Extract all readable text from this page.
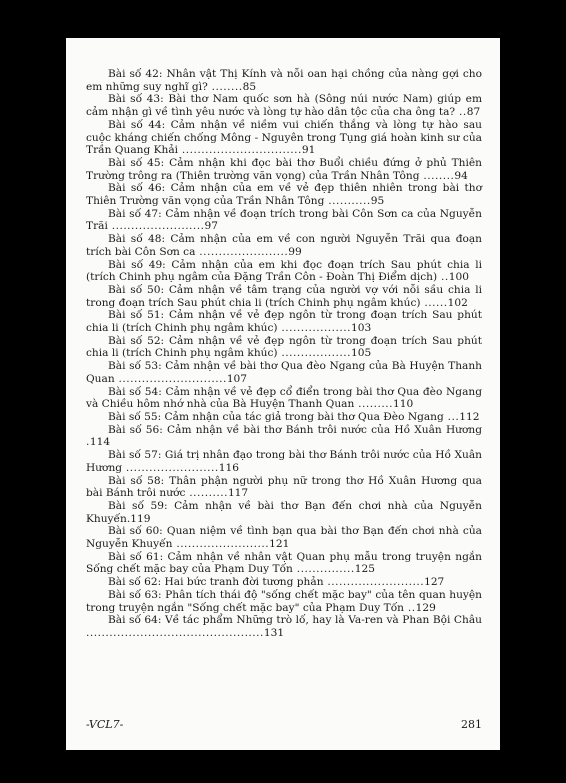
Bài số 42: Nhân vật Thị Kính và nỗi oan hại chồng của nàng gợi cho em những suy nghĩ gì? ........85
Bài số 43: Bài thơ Nam quốc sơn hà (Sông núi nước Nam) giúp em cảm nhận gì về tình yêu nước và lòng tự hào dân tộc của cha ông ta? ..87
Bài số 44: Cảm nhận về niềm vui chiến thắng và lòng tự hào sau cuộc kháng chiến chống Mông - Nguyên trong Tụng giá hoàn kinh sư của Trần Quang Khải ...............................91
Bài số 45: Cảm nhận khi đọc bài thơ Buổi chiều đứng ở phủ Thiên Trường trông ra (Thiên trường văn vọng) của Trần Nhân Tông ........94
Bài số 46: Cảm nhận của em về vẻ đẹp thiên nhiên trong bài thơ Thiên Trường văn vọng của Trần Nhân Tông ...........95
Bài số 47: Cảm nhận về đoạn trích trong bài Côn Sơn ca của Nguyễn Trãi ........................97
Bài số 48: Cảm nhận của em về con người Nguyễn Trãi qua đoạn trích bài Côn Sơn ca .......................99
Bài số 49: Cảm nhận của em khi đọc đoạn trích Sau phút chia li (trích Chinh phụ ngâm của Đặng Trần Côn - Đoàn Thị Điểm dịch) ..100
Bài số 50: Cảm nhận về tâm trạng của người vợ với nỗi sầu chia li trong đoạn trích Sau phút chia li (trích Chinh phụ ngâm khúc) ......102
Bài số 51: Cảm nhận về vẻ đẹp ngôn từ trong đoạn trích Sau phút chia li (trích Chinh phụ ngâm khúc) ..................103
Bài số 52: Cảm nhận về vẻ đẹp ngôn từ trong đoạn trích Sau phút chia li (trích Chinh phụ ngâm khúc) ..................105
Bài số 53: Cảm nhận về bài thơ Qua đèo Ngang của Bà Huyện Thanh Quan ............................107
Bài số 54: Cảm nhận về vẻ đẹp cổ điển trong bài thơ Qua đèo Ngang và Chiều hôm nhớ nhà của Bà Huyện Thanh Quan .........110
Bài số 55: Cảm nhận của tác giả trong bài thơ Qua Đèo Ngang ...112
Bài số 56: Cảm nhận về bài thơ Bánh trôi nước của Hồ Xuân Hương .114
Bài số 57: Giá trị nhân đạo trong bài thơ Bánh trôi nước của Hồ Xuân Hương ........................116
Bài số 58: Thân phận người phụ nữ trong thơ Hồ Xuân Hương qua bài Bánh trôi nước ..........117
Bài số 59: Cảm nhận về bài thơ Bạn đến chơi nhà của Nguyễn Khuyến.119
Bài số 60: Quan niệm về tình bạn qua bài thơ Bạn đến chơi nhà của Nguyễn Khuyến ........................121
Bài số 61: Cảm nhận về nhân vật Quan phụ mẫu trong truyện ngắn Sống chết mặc bay của Phạm Duy Tốn ...............125
Bài số 62: Hai bức tranh đời tương phản .........................127
Bài số 63: Phân tích thái độ "sống chết mặc bay" của tên quan huyện trong truyện ngắn "Sống chết mặc bay" của Phạm Duy Tốn ..129
Bài số 64: Về tác phẩm Những trò lố, hay là Va-ren và Phan Bội Châu ..............................................131
-VCL7-	281
